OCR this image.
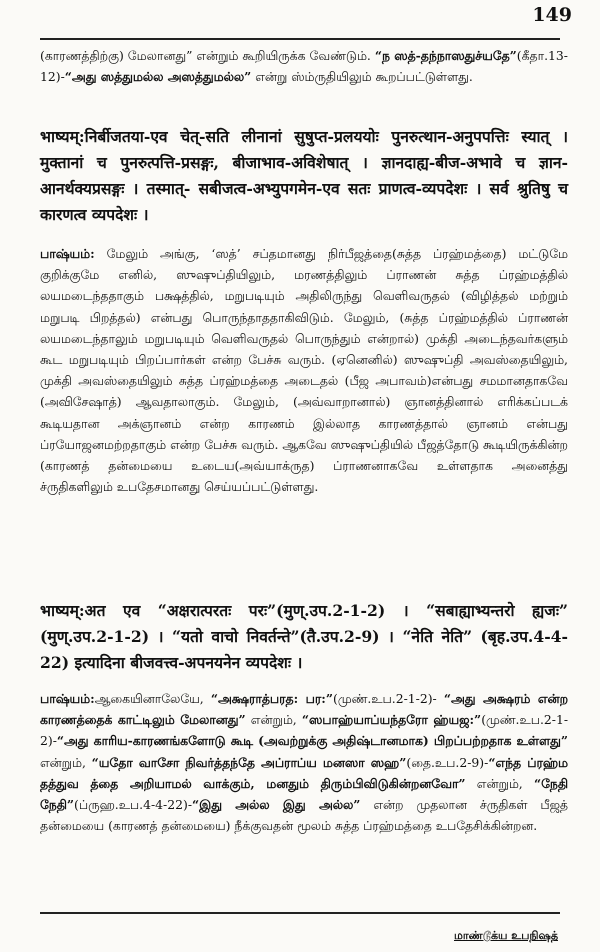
149
(காரணத்திற்கு) மேலானது” என்றும் கூறியிருக்க வேண்டும். “ந ஸத்-தந்நாஸதுச்யதே”(கீதா.13-12)-“அது ஸத்துமல்ல அஸத்துமல்ல” என்று ஸ்ம்ருதியிலும் கூறப்பட்டுள்ளது.
भाष्यम्:निर्बीजतया-एव चेत्-सति लीनानां सुषुप्त-प्रलययोः पुनरुत्थान-अनुपपत्तिः स्यात् । मुक्तानां च पुनरुत्पत्ति-प्रसङ्गः, बीजाभाव-अविशेषात् । ज्ञानदाह्य-बीज-अभावे च ज्ञान-आनर्थक्यप्रसङ्गः । तस्मात्- सबीजत्व-अभ्युपगमेन-एव सतः प्राणत्व-व्यपदेशः । सर्व श्रुतिषु च कारणत्व व्यपदेशः ।
பாஷ்யம்: மேலும் அங்கு, ‘ஸத்’ சப்தமானது நிர்பீஜத்தை(சுத்த ப்ரஹ்மத்தை) மட்டுமே குறிக்குமே எனில், ஸுஷுப்தியிலும், மரணத்திலும் ப்ராணன் சுத்த ப்ரஹ்மத்தில் லயமடைந்ததாகும் பக்ஷத்தில், மறுபடியும் அதிலிருந்து வெளிவருதல் (விழித்தல் மற்றும் மறுபடி பிறத்தல்) என்பது பொருந்தாததாகிவிடும். மேலும், (சுத்த ப்ரஹ்மத்தில் ப்ராணன் லயமடைந்தாலும் மறுபடியும் வெளிவருதல் பொருந்தும் என்றால்) முக்தி அடைந்தவர்களும் கூட மறுபடியும் பிறப்பார்கள் என்ற பேச்சு வரும். (ஏனெனில்) ஸுஷுப்தி அவஸ்தையிலும், முக்தி அவஸ்தையிலும் சுத்த ப்ரஹ்மத்தை அடைதல் (பீஜ அபாவம்)என்பது சமமானதாகவே (அவிசேஷாத்) ஆவதாலாகும். மேலும், (அவ்வாறானால்) ஞானத்தினால் எரிக்கப்படக் கூடியதான அக்ஞானம் என்ற காரணம் இல்லாத காரணத்தால் ஞானம் என்பது ப்ரயோஜனமற்றதாகும் என்ற பேச்சு வரும். ஆகவே ஸுஷுப்தியில் பீஜத்தோடு கூடியிருக்கின்ற (காரணத் தன்மையை உடைய(அவ்யாக்ருத) ப்ராணனாகவே உள்ளதாக அனைத்து ச்ருதிகளிலும் உபதேசமானது செய்யப்பட்டுள்ளது.
भाष्यम्:अत एव “अक्षरात्परतः परः”(मुण्.उप.2-1-2) । “सबाह्याभ्यन्तरो ह्यजः” (मुण्.उप.2-1-2) । “यतो वाचो निवर्तन्ते”(तै.उप.2-9) । “नेति नेति” (बृह.उप.4-4-22) इत्यादिना बीजवत्त्व-अपनयनेन व्यपदेशः ।
பாஷ்யம்:ஆகையினாலேயே, “அக்ஷராத்பரத: பர:”(முண்.உப.2-1-2)- “அது அக்ஷரம் என்ற காரணத்தைக் காட்டிலும் மேலானது” என்றும், “ஸபாஹ்யாப்யந்தரோ ஹ்யஜ:”(முண்.உப.2-1-2)-“அது காரிய-காரணங்களோடு கூடி (அவற்றுக்கு அதிஷ்டானமாக) பிறப்பற்றதாக உள்ளது” என்றும், “யதோ வாசோ நிவர்த்தந்தே அப்ராப்ய மனஸா ஸஹ”(தை.உப.2-9)-“எந்த ப்ரஹ்ம தத்துவ த்தை அறியாமல் வாக்கும், மனதும் திரும்பிவிடுகின்றனவோ” என்றும், “நேதி நேதி”(ப்ருஹ.உப.4-4-22)-“இது அல்ல இது அல்ல” என்ற முதலான ச்ருதிகள் பீஜத் தன்மையை (காரணத் தன்மையை) நீக்குவதன் மூலம் சுத்த ப்ரஹ்மத்தை உபதேசிக்கின்றன.
மாண்டூக்ய உபநிஷத்
